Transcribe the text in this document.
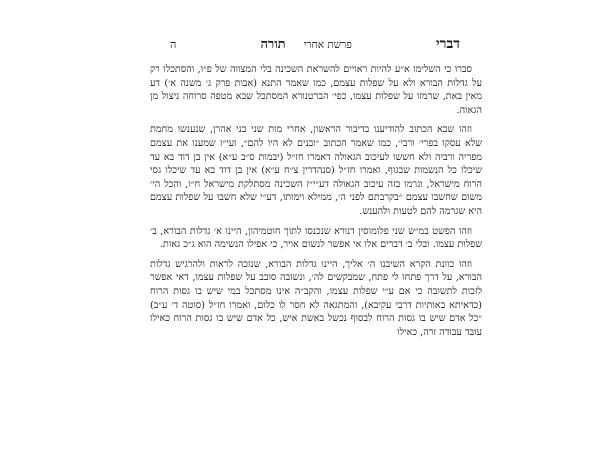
דברי
פרשת אחרי
תורה
ה

סברו כי השלימו א״ע להיות ראויים להשראת השכינה בלי המצווה של פ״ו, והסתכלו רק על גדלות הבורא ולא על שפלות עצמם, כמו שאמר התנא (אבות פרק ג׳ משנה א׳) דע מאין באת, שרמזו על שפלות עצמו, כפי׳ הברטנורא המסתכל שבא מטפה סרוחה ניצול מן הגאוה.

וזהו שבא הכתוב להודיענו בדיבור הראשון, אחרי מות שני בני אהרן, שנענשו מחמת שלא עסקו בפרי׳ ורבי׳, כמו שאמר הכתוב ״ובנים לא היו להם״, ועי״ז שמענו את עצמם מפריה ורביה ולא חששו לעיכוב הגאולה דאמרו חז״ל (יבמות ס״ב ע״א) אין בן דוד בא עד שיכלו כל הנשמות שבגוף, ואמרו חז״ל (סנהדרין צ״ח ע״א) אין בן דוד בא עד שיכלו גסי הרוח מישראל, וגרמו בזה עיכוב הגאולה דע״י״ז השכינה מסתלקת מישראל ח״ו, והכל הי׳ משום שחשבו עצמם ״בקרבתם לפני ה׳, ממילא וימותו, דע״י שלא חשבו על שפלות עצמם היא שגרמה להם לטעות ולהענש.

וזהו הפשט במ״ש שני פלומוסין דנורא שנכנסו לתוך חוטמיהון, היינו א׳ גדלות הבורא, ב׳ שפלות עצמו. ובלי ב׳ דברים אלו אי אפשר לנשום אויר, כי אפילו הנשימה הוא ג״כ גאות.

וזהו כוונת הקרא השיבנו ה׳ אליך, היינו גדלות הבורא, שנזכה לראות ולהרגיש גדלות הבורא, על דרך פתחו לי פתח, שמבקשים לה׳, ונשובה סובב על שפלות עצמו, דאי אפשר לזכות לתשובה כי אם ע״י שפלות עצמו, והקב״ה אינו מסתכל במי שיש בו גסות הרוח (כדאיתא באותיות דרבי עקיבא), והמתגאה לא חסר לו כלום, ואמרו חז״ל (סוטה ד׳ ע״ב) ״כל אדם שיש בו גסות הרוח לבסוף נכשל באשת איש, כל אדם שיש בו גסות הרוח כאילו עובד עבודה זרה, כאילו
